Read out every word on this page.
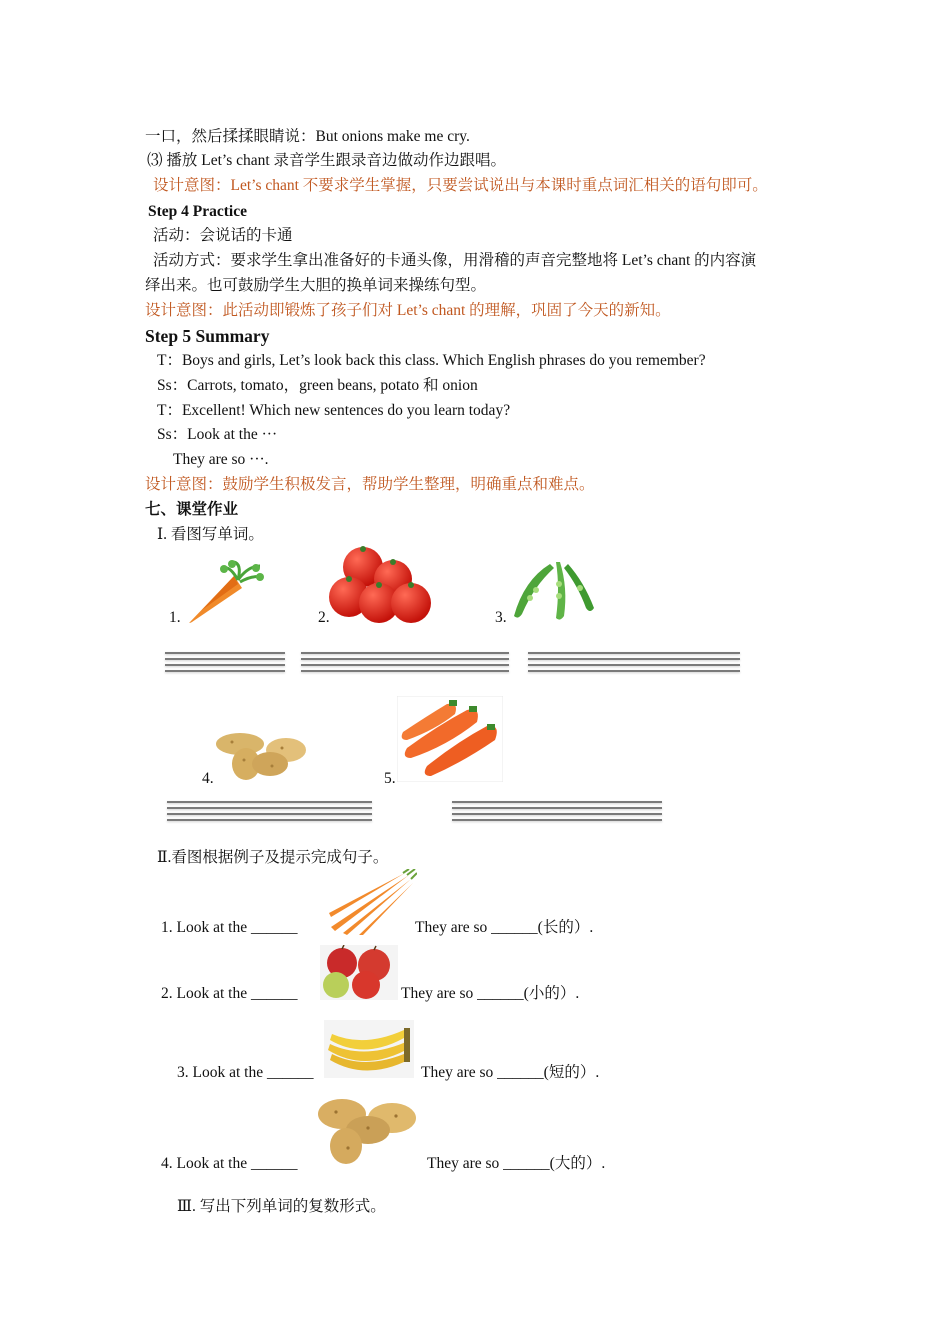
一口，然后揉揉眼睛说：But onions make me cry.
⑶ 播放 Let’s chant 录音学生跟录音边做动作边跟唱。
设计意图：Let’s chant 不要求学生掌握，只要尝试说出与本课时重点词汇相关的语句即可。
Step 4 Practice
活动：会说话的卡通
活动方式：要求学生拿出准备好的卡通头像，用滑稽的声音完整地将 Let’s chant 的内容演
绎出来。也可鼓励学生大胆的换单词来操练句型。
设计意图：此活动即锻炼了孩子们对 Let’s chant 的理解，巩固了今天的新知。
Step 5 Summary
T：Boys and girls, Let’s look back this class. Which English phrases do you remember?
Ss：Carrots, tomato，green beans, potato 和 onion
T：Excellent! Which new sentences do you learn today?
Ss：Look at the ···
They are so ···.
设计意图：鼓励学生积极发言，帮助学生整理，明确重点和难点。
七、课堂作业
Ⅰ. 看图写单词。
1.	2.	3.
4.	5.
Ⅱ.看图根据例子及提示完成句子。
1. Look at the ______	They are so ______(长的）.
2. Look at the ______	They are so ______(小的）.
3. Look at the ______	They are so ______(短的）.
4. Look at the ______	They are so ______(大的）.
Ⅲ. 写出下列单词的复数形式。
